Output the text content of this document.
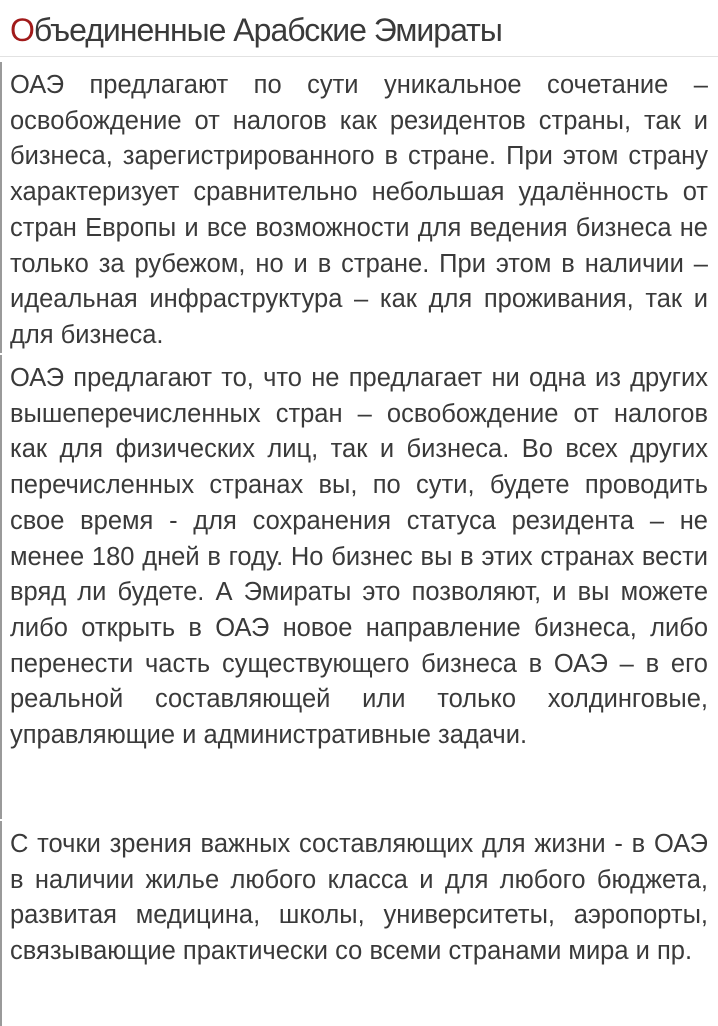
Объединенные Арабские Эмираты

ОАЭ предлагают по сути уникальное сочетание – освобождение от налогов как резидентов страны, так и бизнеса, зарегистрированного в стране. При этом страну характеризует сравнительно небольшая удалённость от стран Европы и все возможности для ведения бизнеса не только за рубежом, но и в стране. При этом в наличии – идеальная инфраструктура – как для проживания, так и для бизнеса.

ОАЭ предлагают то, что не предлагает ни одна из других вышеперечисленных стран – освобождение от налогов как для физических лиц, так и бизнеса. Во всех других перечисленных странах вы, по сути, будете проводить свое время - для сохранения статуса резидента – не менее 180 дней в году. Но бизнес вы в этих странах вести вряд ли будете. А Эмираты это позволяют, и вы можете либо открыть в ОАЭ новое направление бизнеса, либо перенести часть существующего бизнеса в ОАЭ – в его реальной составляющей или только холдинговые, управляющие и административные задачи.

С точки зрения важных составляющих для жизни - в ОАЭ в наличии жилье любого класса и для любого бюджета, развитая медицина, школы, университеты, аэропорты, связывающие практически со всеми странами мира и пр.
